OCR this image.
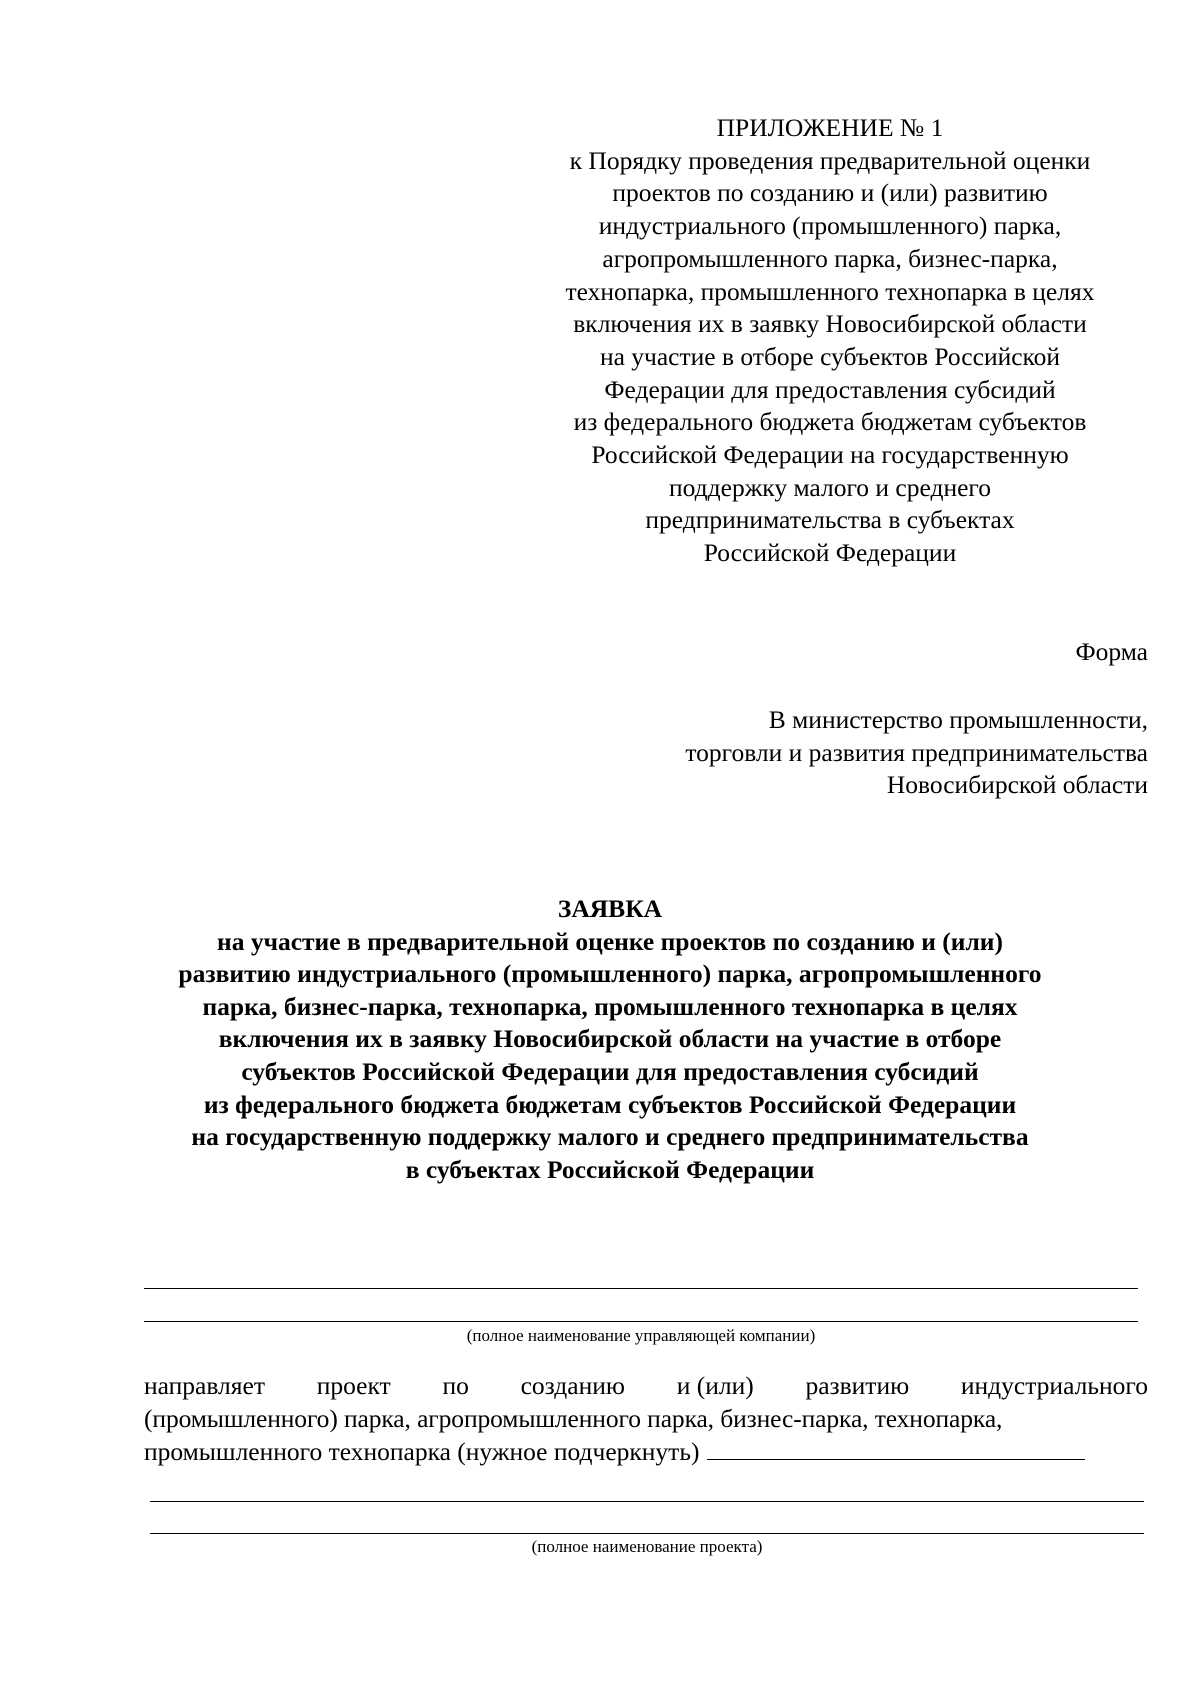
ПРИЛОЖЕНИЕ № 1
к Порядку проведения предварительной оценки
проектов по созданию и (или) развитию
индустриального (промышленного) парка,
агропромышленного парка, бизнес-парка,
технопарка, промышленного технопарка в целях
включения их в заявку Новосибирской области
на участие в отборе субъектов Российской
Федерации для предоставления субсидий
из федерального бюджета бюджетам субъектов
Российской Федерации на государственную
поддержку малого и среднего
предпринимательства в субъектах
Российской Федерации
Форма
В министерство промышленности,
торговли и развития предпринимательства
Новосибирской области
ЗАЯВКА
на участие в предварительной оценке проектов по созданию и (или)
развитию индустриального (промышленного) парка, агропромышленного
парка, бизнес-парка, технопарка, промышленного технопарка в целях
включения их в заявку Новосибирской области на участие в отборе
субъектов Российской Федерации для предоставления субсидий
из федерального бюджета бюджетам субъектов Российской Федерации
на государственную поддержку малого и среднего предпринимательства
в субъектах Российской Федерации
(полное наименование управляющей компании)
направляет проект по созданию и (или) развитию индустриального
(промышленного) парка, агропромышленного парка, бизнес-парка, технопарка,
промышленного технопарка (нужное подчеркнуть)
(полное наименование проекта)
